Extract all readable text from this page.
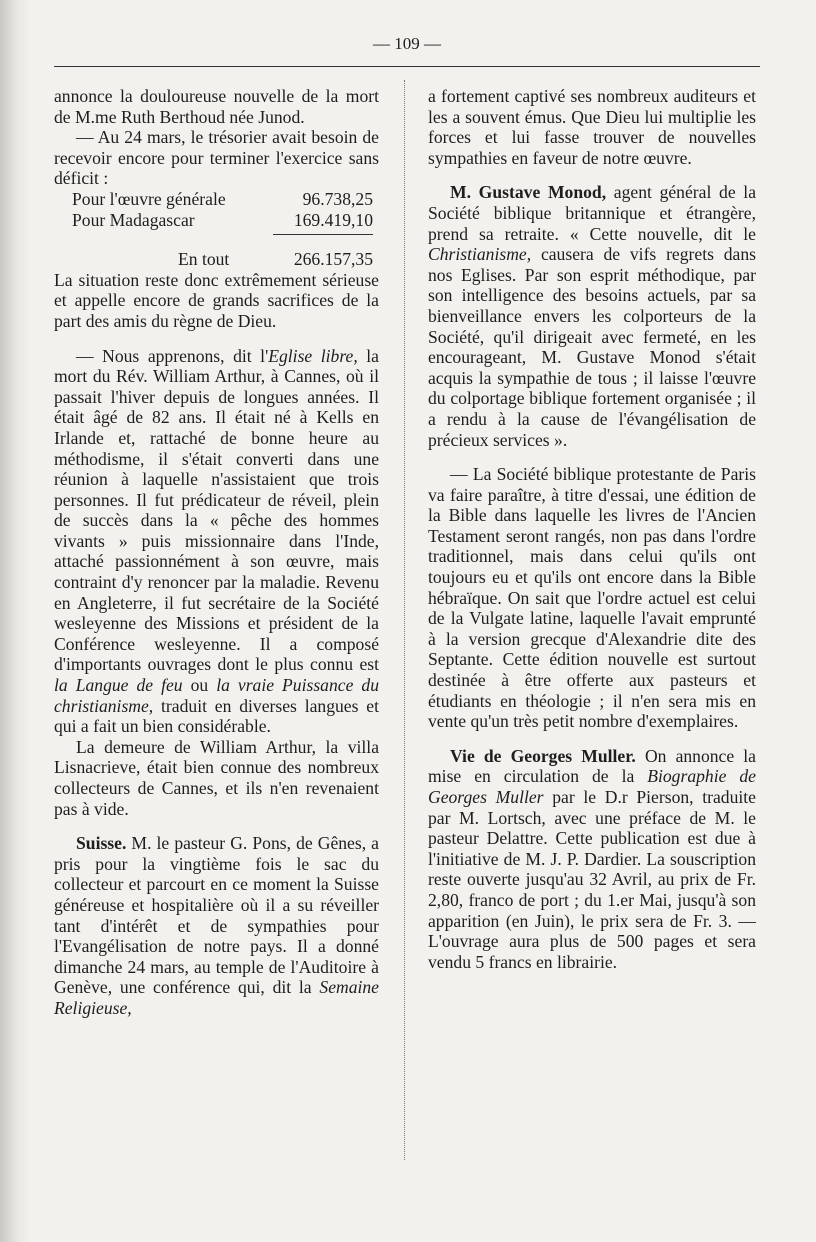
— 109 —

annonce la douloureuse nouvelle de la mort de M.me Ruth Berthoud née Junod.

— Au 24 mars, le trésorier avait besoin de recevoir encore pour terminer l'exercice sans déficit :

Pour l'œuvre générale	96.738,25
Pour Madagascar	169.419,10

En tout	266.157,35

La situation reste donc extrêmement sérieuse et appelle encore de grands sacrifices de la part des amis du règne de Dieu.

— Nous apprenons, dit l'Eglise libre, la mort du Rév. William Arthur, à Cannes, où il passait l'hiver depuis de longues années. Il était âgé de 82 ans. Il était né à Kells en Irlande et, rattaché de bonne heure au méthodisme, il s'était converti dans une réunion à laquelle n'assistaient que trois personnes. Il fut prédicateur de réveil, plein de succès dans la « pêche des hommes vivants » puis missionnaire dans l'Inde, attaché passionnément à son œuvre, mais contraint d'y renoncer par la maladie. Revenu en Angleterre, il fut secrétaire de la Société wesleyenne des Missions et président de la Conférence wesleyenne. Il a composé d'importants ouvrages dont le plus connu est la Langue de feu ou la vraie Puissance du christianisme, traduit en diverses langues et qui a fait un bien considérable.

La demeure de William Arthur, la villa Lisnacrieve, était bien connue des nombreux collecteurs de Cannes, et ils n'en revenaient pas à vide.

Suisse. M. le pasteur G. Pons, de Gênes, a pris pour la vingtième fois le sac du collecteur et parcourt en ce moment la Suisse généreuse et hospitalière où il a su réveiller tant d'intérêt et de sympathies pour l'Evangélisation de notre pays. Il a donné dimanche 24 mars, au temple de l'Auditoire à Genève, une conférence qui, dit la Semaine Religieuse,

a fortement captivé ses nombreux auditeurs et les a souvent émus. Que Dieu lui multiplie les forces et lui fasse trouver de nouvelles sympathies en faveur de notre œuvre.

M. Gustave Monod, agent général de la Société biblique britannique et étrangère, prend sa retraite. « Cette nouvelle, dit le Christianisme, causera de vifs regrets dans nos Eglises. Par son esprit méthodique, par son intelligence des besoins actuels, par sa bienveillance envers les colporteurs de la Société, qu'il dirigeait avec fermeté, en les encourageant, M. Gustave Monod s'était acquis la sympathie de tous ; il laisse l'œuvre du colportage biblique fortement organisée ; il a rendu à la cause de l'évangélisation de précieux services ».

— La Société biblique protestante de Paris va faire paraître, à titre d'essai, une édition de la Bible dans laquelle les livres de l'Ancien Testament seront rangés, non pas dans l'ordre traditionnel, mais dans celui qu'ils ont toujours eu et qu'ils ont encore dans la Bible hébraïque. On sait que l'ordre actuel est celui de la Vulgate latine, laquelle l'avait emprunté à la version grecque d'Alexandrie dite des Septante. Cette édition nouvelle est surtout destinée à être offerte aux pasteurs et étudiants en théologie ; il n'en sera mis en vente qu'un très petit nombre d'exemplaires.

Vie de Georges Muller. On annonce la mise en circulation de la Biographie de Georges Muller par le D.r Pierson, traduite par M. Lortsch, avec une préface de M. le pasteur Delattre. Cette publication est due à l'initiative de M. J. P. Dardier. La souscription reste ouverte jusqu'au 32 Avril, au prix de Fr. 2,80, franco de port ; du 1.er Mai, jusqu'à son apparition (en Juin), le prix sera de Fr. 3. — L'ouvrage aura plus de 500 pages et sera vendu 5 francs en librairie.
